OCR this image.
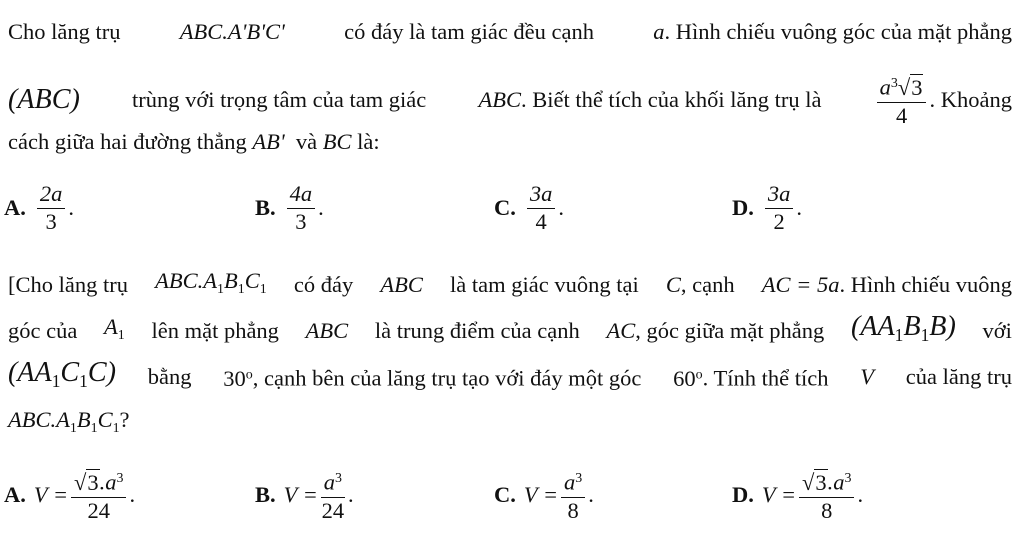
Cho lăng trụ	ABC.A'B'C'	có đáy là tam giác đều cạnh	a. Hình chiếu vuông góc của mặt phẳng
(ABC) trùng với trọng tâm của tam giác ABC. Biết thể tích của khối lăng trụ là $\frac{a^3√3}{4}$ . Khoảng
cách giữa hai đường thẳng AB' và BC là:
A. $\frac{2a}{3}$ .	B. $\frac{4a}{3}$ .	C. $\frac{3a}{4}$ .	D. $\frac{3a}{2}$ .
[Cho lăng trụ $ABC.A_1B_1C_1$ có đáy ABC là tam giác vuông tại C, cạnh AC = 5a. Hình chiếu vuông
góc của $A_1$ lên mặt phẳng ABC là trung điểm của cạnh AC, góc giữa mặt phẳng $(AA_1B_1B)$ với
$(AA_1C_1C)$ bằng 30$^o$, cạnh bên của lăng trụ tạo với đáy một góc 60$^o$. Tính thể tích V của lăng trụ
$ABC.A_1B_1C_1$?
A. $V = \frac{√3.a^3}{24}$ .	B. $V = \frac{a^3}{24}$ .	C. $V = \frac{a^3}{8}$ .	D. $V = \frac{√3.a^3}{8}$ .
